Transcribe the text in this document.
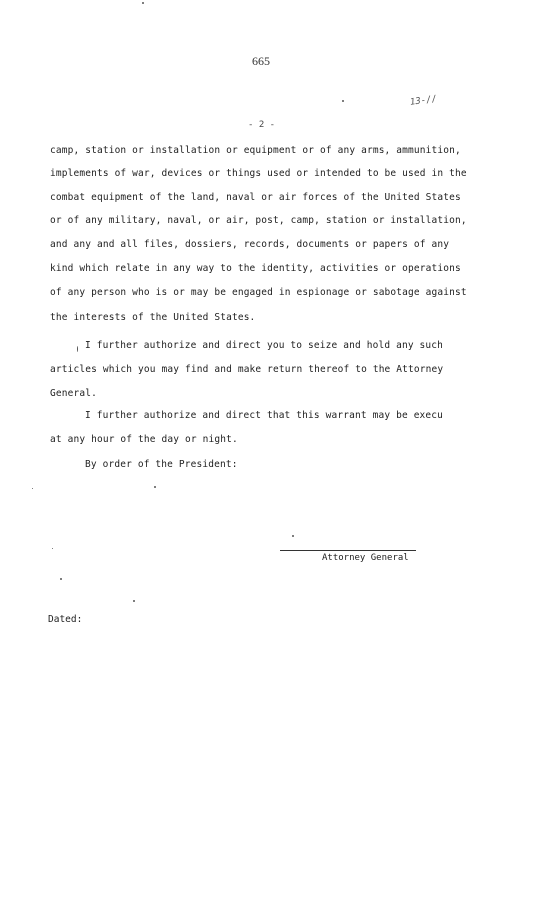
665
13-//
- 2 -
camp, station or installation or equipment or of any arms, ammunition,
implements of war, devices or things used or intended to be used in the
combat equipment of the land, naval or air forces of the United States
or of any military, naval, or air, post, camp, station or installation,
and any and all files, dossiers, records, documents or papers of any
kind which relate in any way to the identity, activities or operations
of any person who is or may be engaged in espionage or sabotage against
the interests of the United States.
I further authorize and direct you to seize and hold any such
articles which you may find and make return thereof to the Attorney
General.
I further authorize and direct that this warrant may be execu
at any hour of the day or night.
By order of the President:
Attorney General
Dated:
